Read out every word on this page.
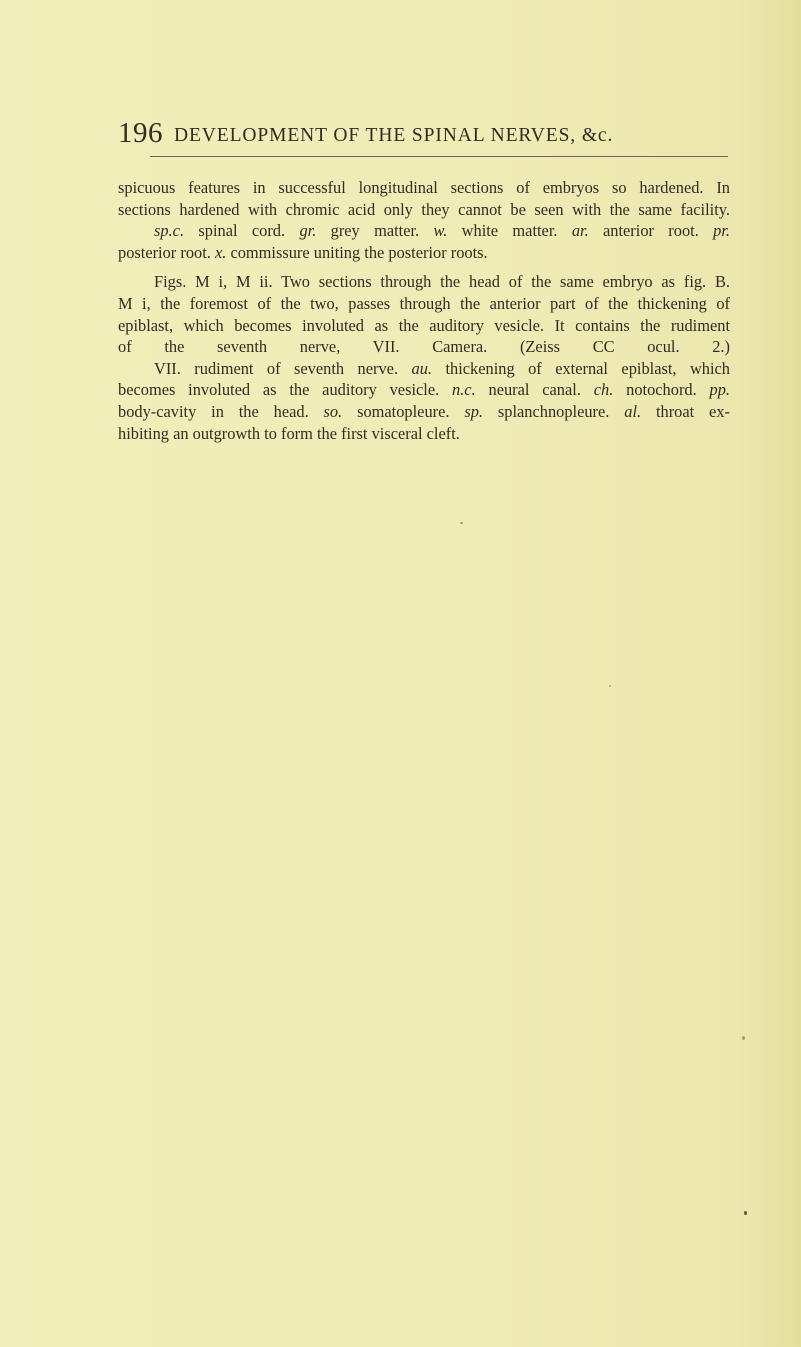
196 DEVELOPMENT OF THE SPINAL NERVES, &c.

spicuous features in successful longitudinal sections of embryos so hardened. In
sections hardened with chromic acid only they cannot be seen with the same facility.
sp.c. spinal cord. gr. grey matter. w. white matter. ar. anterior root. pr.
posterior root. x. commissure uniting the posterior roots.

Figs. M i, M ii. Two sections through the head of the same embryo as fig. B.
M i, the foremost of the two, passes through the anterior part of the thickening of
epiblast, which becomes involuted as the auditory vesicle. It contains the rudiment
of the seventh nerve, VII. Camera. (Zeiss CC ocul. 2.)
VII. rudiment of seventh nerve. au. thickening of external epiblast, which
becomes involuted as the auditory vesicle. n.c. neural canal. ch. notochord. pp.
body-cavity in the head. so. somatopleure. sp. splanchnopleure. al. throat ex-
hibiting an outgrowth to form the first visceral cleft.
